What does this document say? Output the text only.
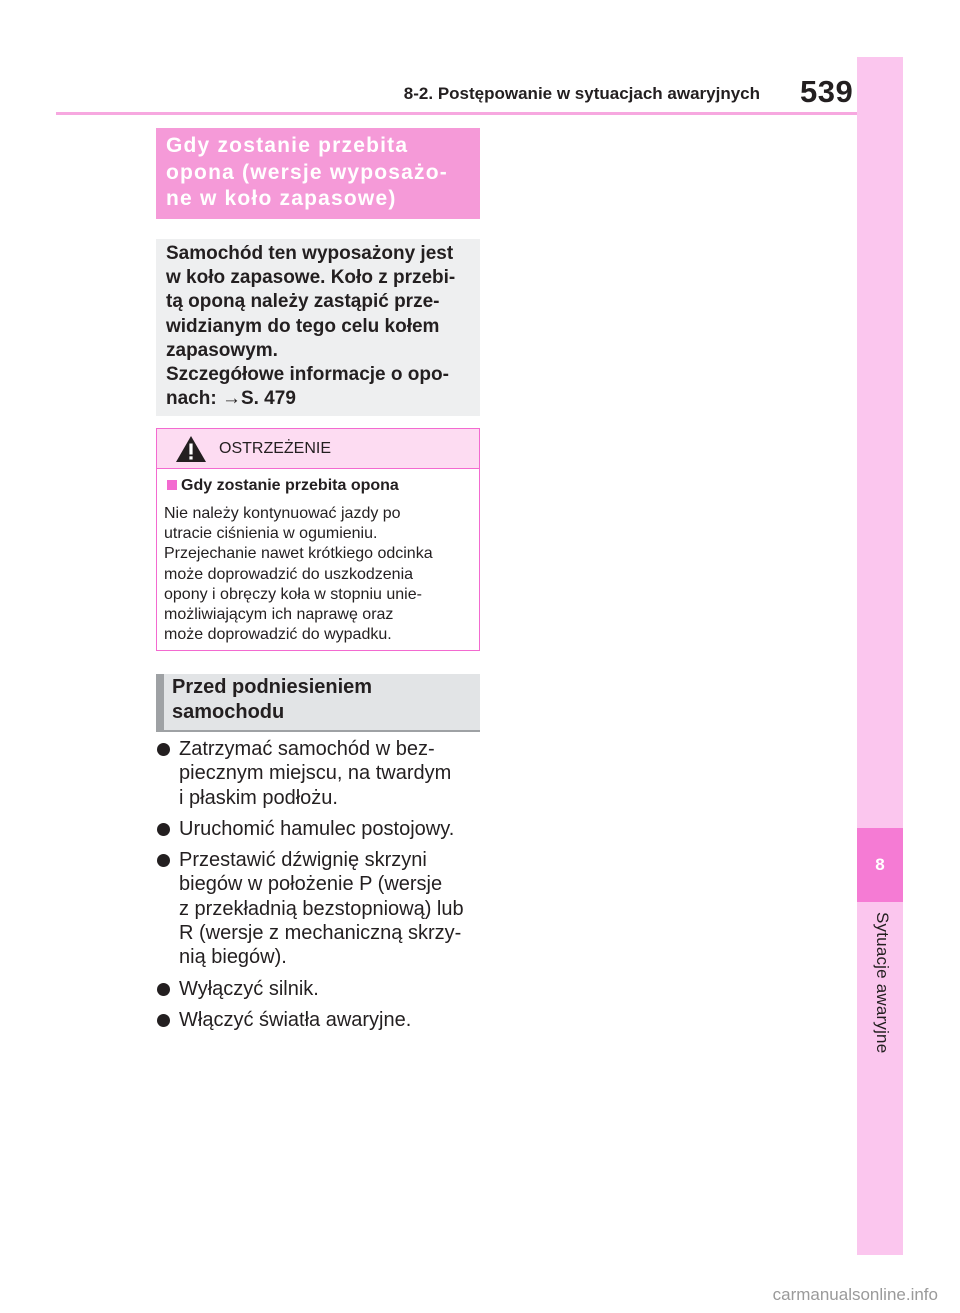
8
Sytuacje awaryjne
8-2. Postępowanie w sytuacjach awaryjnych 539
Gdy zostanie przebita
opona (wersje wyposażo-
ne w koło zapasowe)
Samochód ten wyposażony jest
w koło zapasowe. Koło z przebi-
tą oponą należy zastąpić prze-
widzianym do tego celu kołem
zapasowym.
Szczegółowe informacje o opo-
nach: →S. 479
OSTRZEŻENIE
Gdy zostanie przebita opona
Nie należy kontynuować jazdy po
utracie ciśnienia w ogumieniu.
Przejechanie nawet krótkiego odcinka
może doprowadzić do uszkodzenia
opony i obręczy koła w stopniu unie-
możliwiającym ich naprawę oraz
może doprowadzić do wypadku.
Przed podniesieniem
samochodu
Zatrzymać samochód w bez-
piecznym miejscu, na twardym
i płaskim podłożu.
Uruchomić hamulec postojowy.
Przestawić dźwignię skrzyni
biegów w położenie P (wersje
z przekładnią bezstopniową) lub
R (wersje z mechaniczną skrzy-
nią biegów).
Wyłączyć silnik.
Włączyć światła awaryjne.
carmanualsonline.info
